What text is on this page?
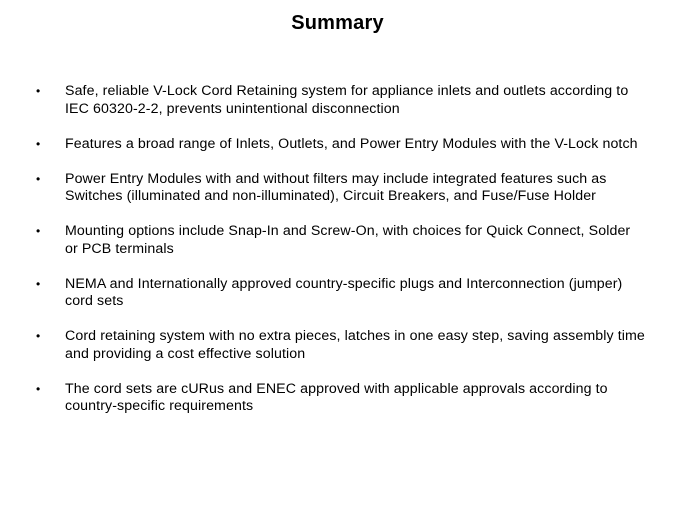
Summary
•	Safe, reliable V-Lock Cord Retaining system for appliance inlets and outlets according to IEC 60320-2-2, prevents unintentional disconnection
•	Features a broad range of Inlets, Outlets, and Power Entry Modules with the V-Lock notch
•	Power Entry Modules with and without filters may include integrated features such as Switches (illuminated and non-illuminated), Circuit Breakers, and Fuse/Fuse Holder
•	Mounting options include Snap-In and Screw-On, with choices for Quick Connect, Solder or PCB terminals
•	NEMA and Internationally approved country-specific plugs and Interconnection (jumper) cord sets
•	Cord retaining system with no extra pieces, latches in one easy step, saving assembly time and providing a cost effective solution
•	The cord sets are cURus and ENEC approved with applicable approvals according to country-specific requirements
